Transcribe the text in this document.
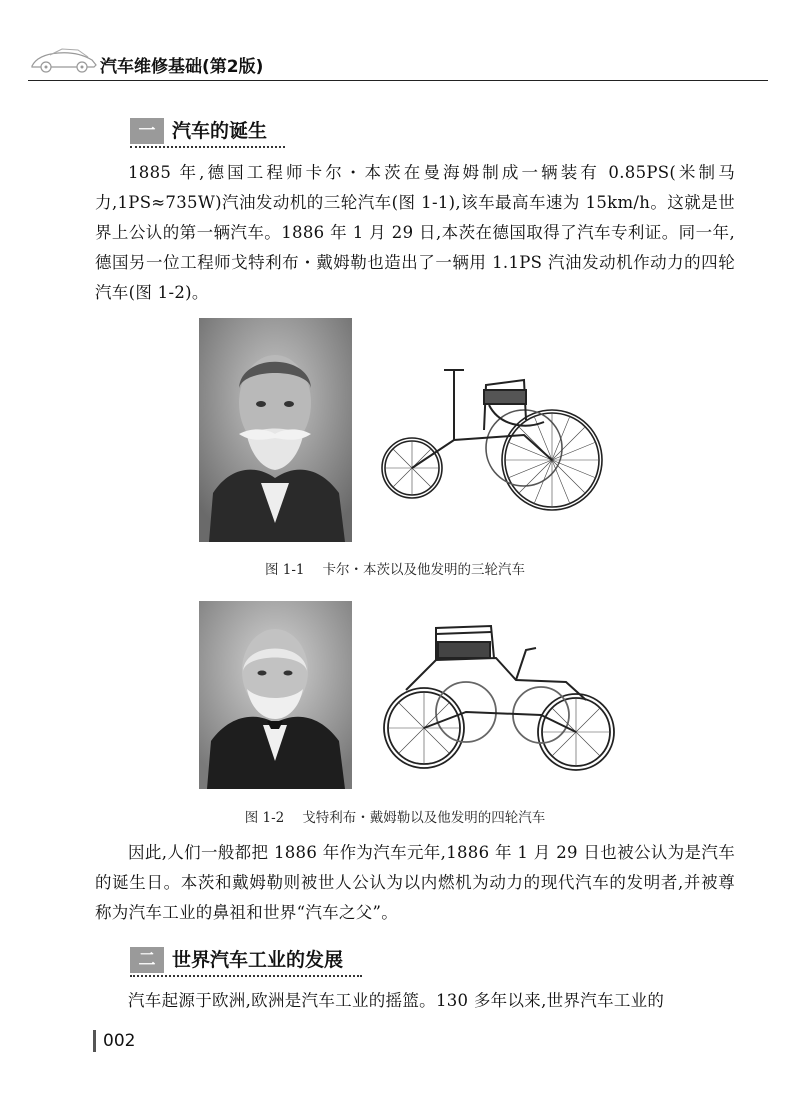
汽车维修基础(第2版)
一 汽车的诞生

1885 年,德国工程师卡尔・本茨在曼海姆制成一辆装有 0.85PS(米制马力,1PS≈735W)汽油发动机的三轮汽车(图 1-1),该车最高车速为 15km/h。这就是世界上公认的第一辆汽车。1886 年 1 月 29 日,本茨在德国取得了汽车专利证。同一年,德国另一位工程师戈特利布・戴姆勒也造出了一辆用 1.1PS 汽油发动机作动力的四轮汽车(图 1-2)。

图 1-1 卡尔・本茨以及他发明的三轮汽车
图 1-2 戈特利布・戴姆勒以及他发明的四轮汽车

因此,人们一般都把 1886 年作为汽车元年,1886 年 1 月 29 日也被公认为是汽车的诞生日。本茨和戴姆勒则被世人公认为以内燃机为动力的现代汽车的发明者,并被尊称为汽车工业的鼻祖和世界“汽车之父”。

二 世界汽车工业的发展

汽车起源于欧洲,欧洲是汽车工业的摇篮。130 多年以来,世界汽车工业的

002
